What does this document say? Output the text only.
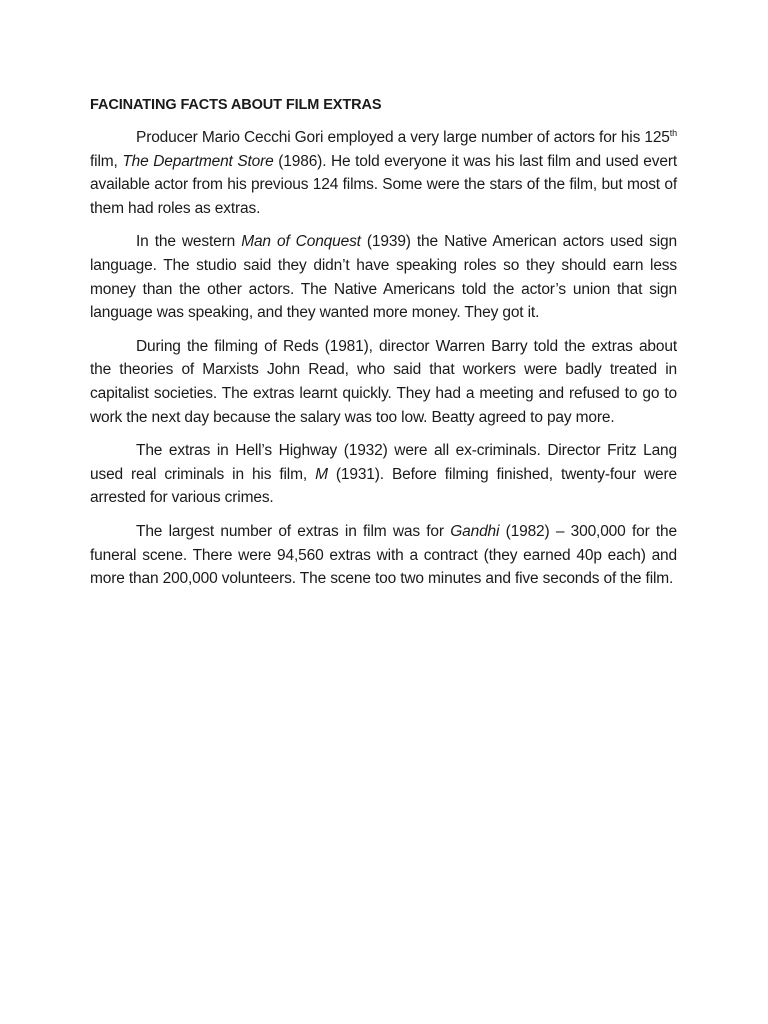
FACINATING FACTS ABOUT FILM EXTRAS

Producer Mario Cecchi Gori employed a very large number of actors for his 125th film, The Department Store (1986). He told everyone it was his last film and used evert available actor from his previous 124 films. Some were the stars of the film, but most of them had roles as extras.

In the western Man of Conquest (1939) the Native American actors used sign language. The studio said they didn’t have speaking roles so they should earn less money than the other actors. The Native Americans told the actor’s union that sign language was speaking, and they wanted more money. They got it.

During the filming of Reds (1981), director Warren Barry told the extras about the theories of Marxists John Read, who said that workers were badly treated in capitalist societies. The extras learnt quickly. They had a meeting and refused to go to work the next day because the salary was too low. Beatty agreed to pay more.

The extras in Hell’s Highway (1932) were all ex-criminals. Director Fritz Lang used real criminals in his film, M (1931). Before filming finished, twenty-four were arrested for various crimes.

The largest number of extras in film was for Gandhi (1982) – 300,000 for the funeral scene. There were 94,560 extras with a contract (they earned 40p each) and more than 200,000 volunteers. The scene too two minutes and five seconds of the film.
